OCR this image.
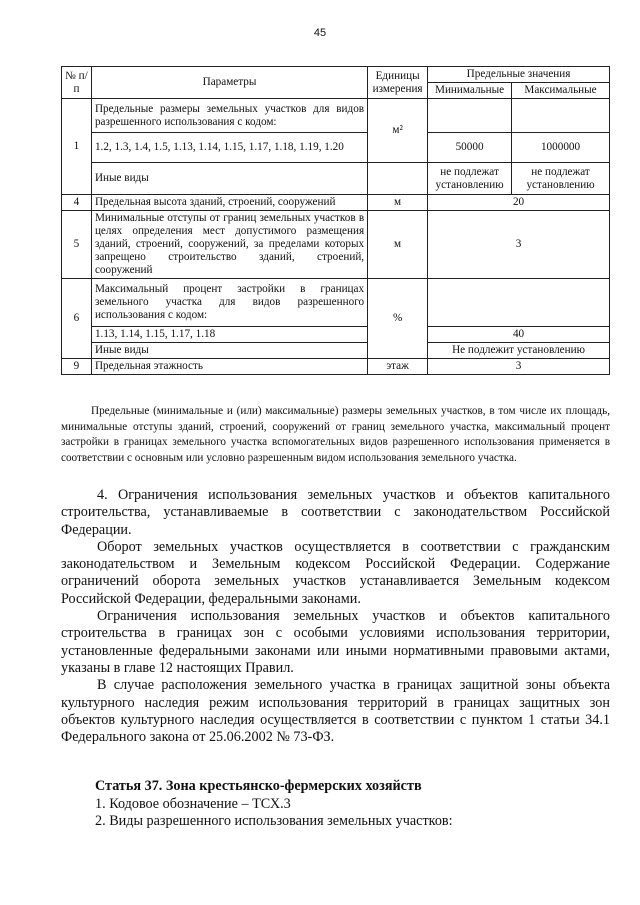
45
№ п/п	Параметры	Единицы измерения	Предельные значения	
			Минимальные	Максимальные
1	Предельные размеры земельных участков для видов разрешенного использования с кодом:	м²		
	1.2, 1.3, 1.4, 1.5, 1.13, 1.14, 1.15, 1.17, 1.18, 1.19, 1.20		50000	1000000
	Иные виды		не подлежат установлению	не подлежат установлению
4	Предельная высота зданий, строений, сооружений	м	20	
5	Минимальные отступы от границ земельных участков в целях определения мест допустимого размещения зданий, строений, сооружений, за пределами которых запрещено строительство зданий, строений, сооружений	м	3	
6	Максимальный процент застройки в границах земельного участка для видов разрешенного использования с кодом:	%		
	1.13, 1.14, 1.15, 1.17, 1.18		40	
	Иные виды		Не подлежит установлению	
9	Предельная этажность	этаж	3	

Предельные (минимальные и (или) максимальные) размеры земельных участков, в том числе их площадь, минимальные отступы зданий, строений, сооружений от границ земельного участка, максимальный процент застройки в границах земельного участка вспомогательных видов разрешенного использования применяется в соответствии с основным или условно разрешенным видом использования земельного участка.

4. Ограничения использования земельных участков и объектов капитального строительства, устанавливаемые в соответствии с законодательством Российской Федерации.

Оборот земельных участков осуществляется в соответствии с гражданским законодательством и Земельным кодексом Российской Федерации. Содержание ограничений оборота земельных участков устанавливается Земельным кодексом Российской Федерации, федеральными законами.

Ограничения использования земельных участков и объектов капитального строительства в границах зон с особыми условиями использования территории, установленные федеральными законами или иными нормативными правовыми актами, указаны в главе 12 настоящих Правил.

В случае расположения земельного участка в границах защитной зоны объекта культурного наследия режим использования территорий в границах защитных зон объектов культурного наследия осуществляется в соответствии с пунктом 1 статьи 34.1 Федерального закона от 25.06.2002 № 73-ФЗ.

Статья 37. Зона крестьянско-фермерских хозяйств
1. Кодовое обозначение – ТСХ.3
2. Виды разрешенного использования земельных участков:
